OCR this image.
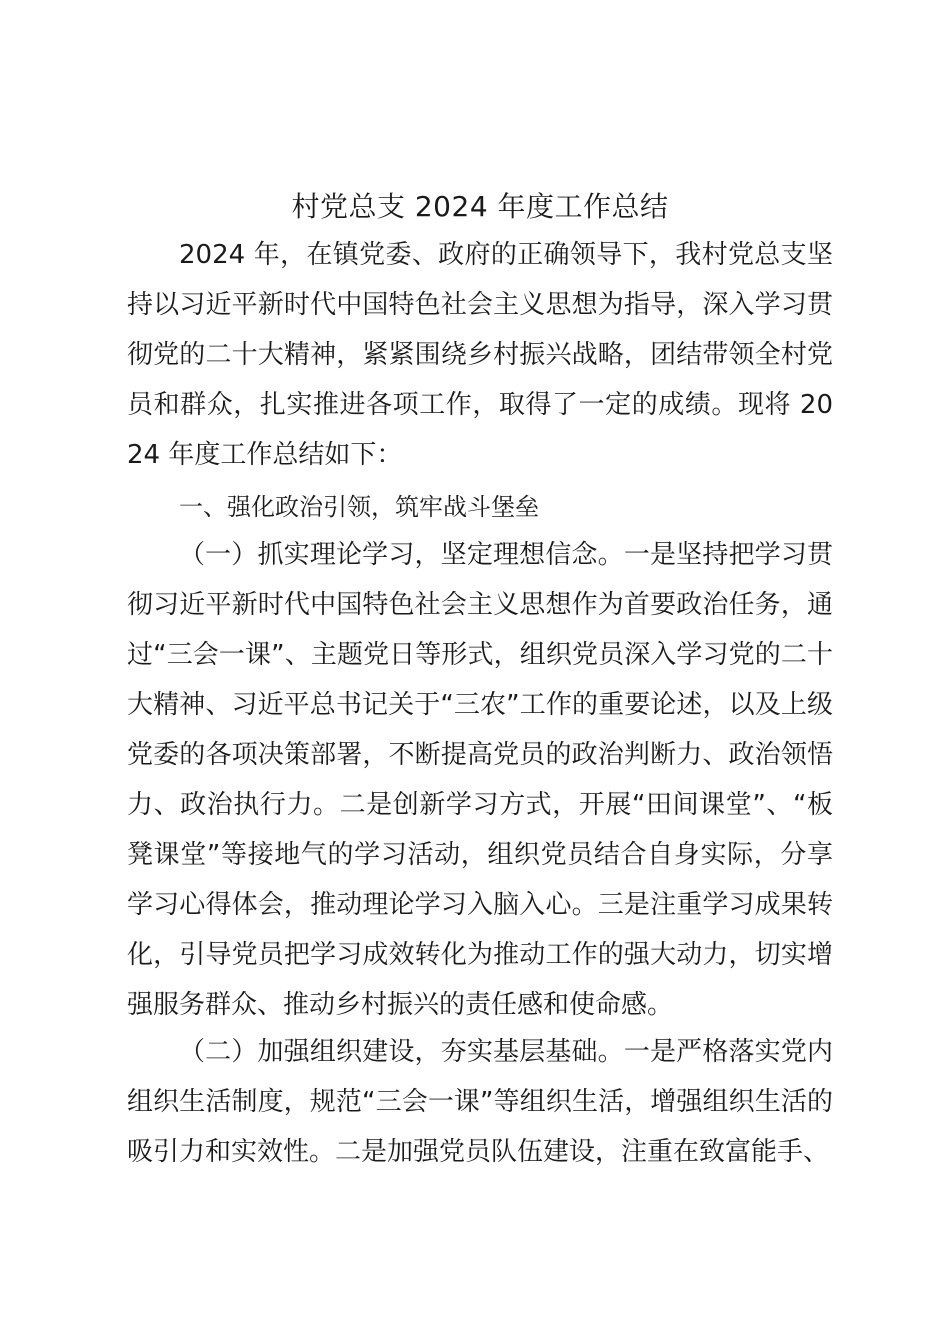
村党总支 2024 年度工作总结

2024 年，在镇党委、政府的正确领导下，我村党总支坚持以习近平新时代中国特色社会主义思想为指导，深入学习贯彻党的二十大精神，紧紧围绕乡村振兴战略，团结带领全村党员和群众，扎实推进各项工作，取得了一定的成绩。现将 2024 年度工作总结如下：

一、强化政治引领，筑牢战斗堡垒

（一）抓实理论学习，坚定理想信念。一是坚持把学习贯彻习近平新时代中国特色社会主义思想作为首要政治任务，通过“三会一课”、主题党日等形式，组织党员深入学习党的二十大精神、习近平总书记关于“三农”工作的重要论述，以及上级党委的各项决策部署，不断提高党员的政治判断力、政治领悟力、政治执行力。二是创新学习方式，开展“田间课堂”、“板凳课堂”等接地气的学习活动，组织党员结合自身实际，分享学习心得体会，推动理论学习入脑入心。三是注重学习成果转化，引导党员把学习成效转化为推动工作的强大动力，切实增强服务群众、推动乡村振兴的责任感和使命感。

（二）加强组织建设，夯实基层基础。一是严格落实党内组织生活制度，规范“三会一课”等组织生活，增强组织生活的吸引力和实效性。二是加强党员队伍建设，注重在致富能手、
